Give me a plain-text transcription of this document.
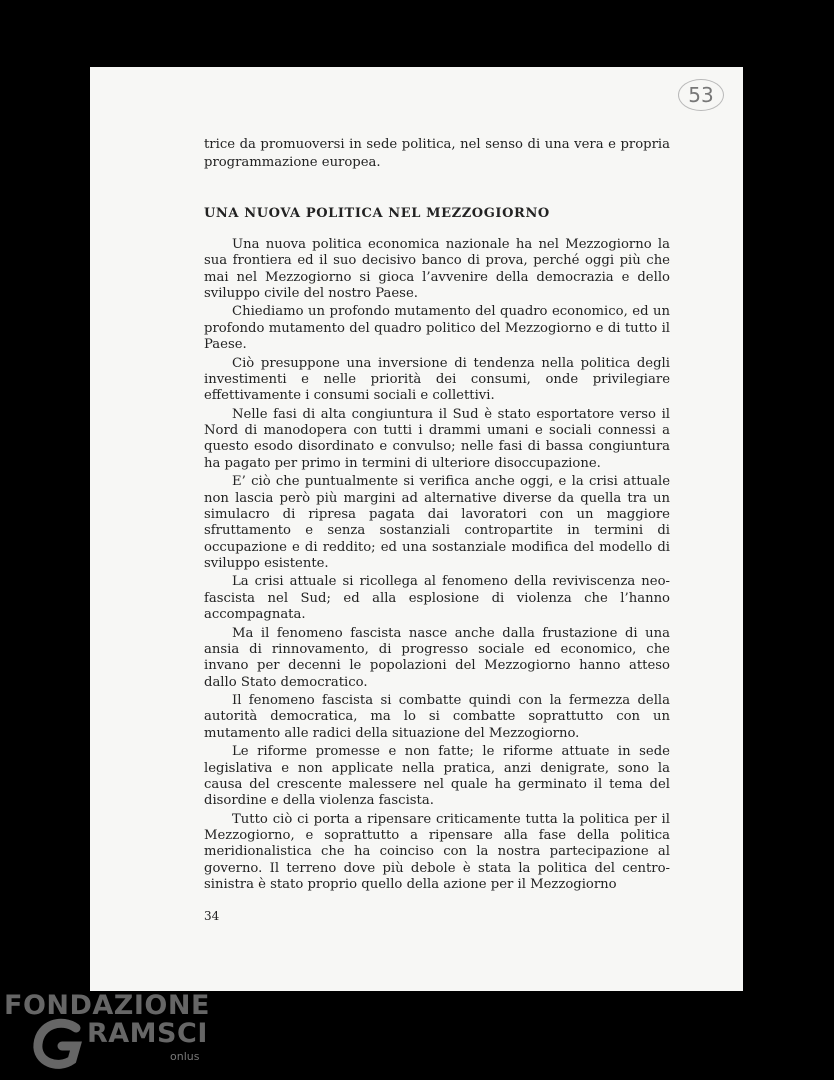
53
trice da promuoversi in sede politica, nel senso di una vera e propria programmazione europea.
UNA NUOVA POLITICA NEL MEZZOGIORNO

Una nuova politica economica nazionale ha nel Mezzogiorno la sua frontiera ed il suo decisivo banco di prova, perché oggi più che mai nel Mezzogiorno si gioca l’avvenire della democrazia e dello sviluppo civile del nostro Paese.

Chiediamo un profondo mutamento del quadro economico, ed un profondo mutamento del quadro politico del Mezzogiorno e di tutto il Paese.

Ciò presuppone una inversione di tendenza nella politica degli investimenti e nelle priorità dei consumi, onde privilegiare effettivamente i consumi sociali e collettivi.

Nelle fasi di alta congiuntura il Sud è stato esportatore verso il Nord di manodopera con tutti i drammi umani e sociali connessi a questo esodo disordinato e convulso; nelle fasi di bassa congiuntura ha pagato per primo in termini di ulteriore disoccupazione.

E’ ciò che puntualmente si verifica anche oggi, e la crisi attuale non lascia però più margini ad alternative diverse da quella tra un simulacro di ripresa pagata dai lavoratori con un maggiore sfruttamento e senza sostanziali contropartite in termini di occupazione e di reddito; ed una sostanziale modifica del modello di sviluppo esistente.

La crisi attuale si ricollega al fenomeno della reviviscenza neo-fascista nel Sud; ed alla esplosione di violenza che l’hanno accompagnata.

Ma il fenomeno fascista nasce anche dalla frustazione di una ansia di rinnovamento, di progresso sociale ed economico, che invano per decenni le popolazioni del Mezzogiorno hanno atteso dallo Stato democratico.

Il fenomeno fascista si combatte quindi con la fermezza della autorità democratica, ma lo si combatte soprattutto con un mutamento alle radici della situazione del Mezzogiorno.

Le riforme promesse e non fatte; le riforme attuate in sede legislativa e non applicate nella pratica, anzi denigrate, sono la causa del crescente malessere nel quale ha germinato il tema del disordine e della violenza fascista.

Tutto ciò ci porta a ripensare criticamente tutta la politica per il Mezzogiorno, e soprattutto a ripensare alla fase della politica meridionalistica che ha coinciso con la nostra partecipazione al governo. Il terreno dove più debole è stata la politica del centro-sinistra è stato proprio quello della azione per il Mezzogiorno

34
FONDAZIONE
RAMSCI
onlus
